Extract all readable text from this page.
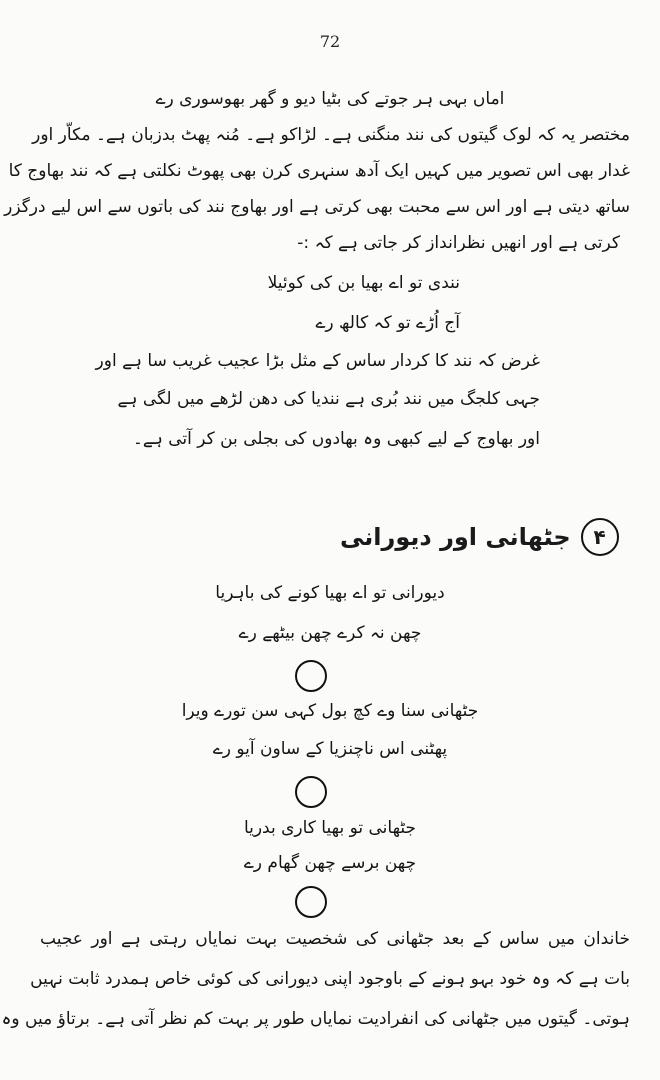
72
اماں بہی ہر جوتے کی بٹیا دیو و گھر بھوسوری رے
مختصر یہ کہ لوک گیتوں کی نند منگنی ہے۔ لڑاکو ہے۔ مُنہ پھٹ بدزبان ہے۔ مکاّر اور
غدار بھی اس تصویر میں کہیں ایک آدھ سنہری کرن بھی پھوٹ نکلتی ہے کہ نند بھاوج کا
ساتھ دیتی ہے اور اس سے محبت بھی کرتی ہے اور بھاوج نند کی باتوں سے اس لیے درگزر
کرتی ہے اور انھیں نظرانداز کر جاتی ہے کہ :-
نندی تو اے بھیا بن کی کوئیلا
آج اُڑے تو کہ کالھ رے
غرض کہ نند کا کردار ساس کے مثل بڑا عجیب غریب سا ہے اور
جہی کلجگ میں نند بُری ہے نندیا کی دھن لڑھے میں لگی ہے
اور بھاوج کے لیے کبھی وہ بھادوں کی بجلی بن کر آتی ہے۔
۴
جٹھانی اور دیورانی
دیورانی تو اے بھیا کونے کی باہریا
چھن نہ کرے چھن بیٹھے رے
جٹھانی سنا وے کچ بول کہی سن تورے ویرا
پھٹنی اس ناچنزیا کے ساون آیو رے
جٹھانی تو بھیا کاری بدریا
چھن برسے چھن گھام رے
خاندان میں ساس کے بعد جٹھانی کی شخصیت بہت نمایاں رہتی ہے اور عجیب
بات ہے کہ وہ خود بہو ہونے کے باوجود اپنی دیورانی کی کوئی خاص ہمدرد ثابت نہیں
ہوتی۔ گیتوں میں جٹھانی کی انفرادیت نمایاں طور پر بہت کم نظر آتی ہے۔ برتاؤ میں وہ
